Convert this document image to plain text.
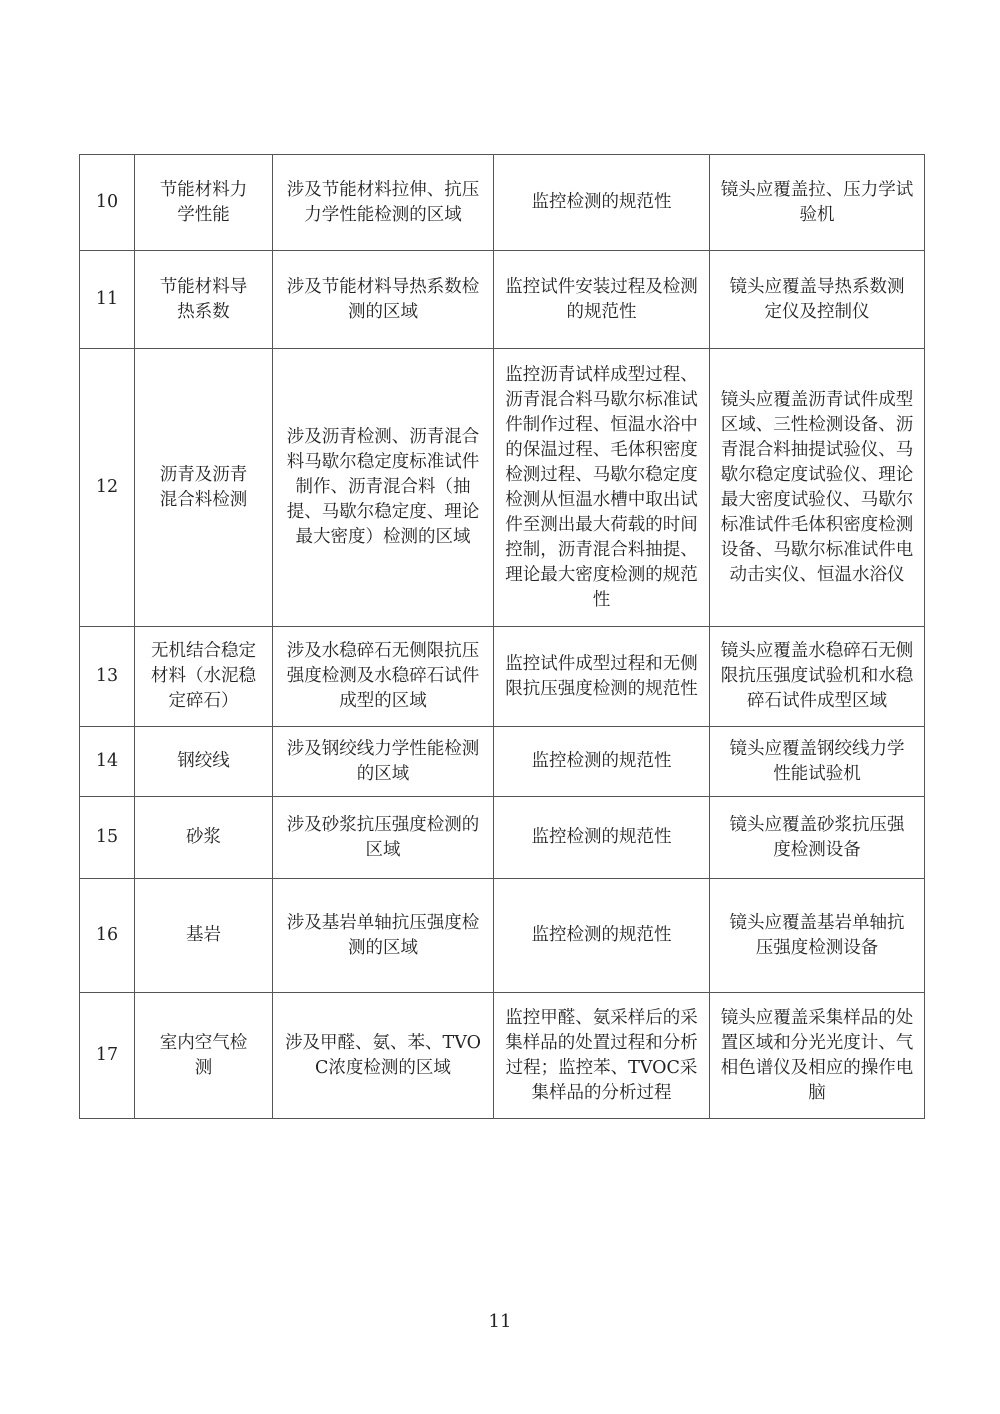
10	节能材料力学性能	涉及节能材料拉伸、抗压力学性能检测的区域	监控检测的规范性	镜头应覆盖拉、压力学试验机
11	节能材料导热系数	涉及节能材料导热系数检测的区域	监控试件安装过程及检测的规范性	镜头应覆盖导热系数测定仪及控制仪
12	沥青及沥青混合料检测	涉及沥青检测、沥青混合料马歇尔稳定度标准试件制作、沥青混合料（抽提、马歇尔稳定度、理论最大密度）检测的区域	监控沥青试样成型过程、沥青混合料马歇尔标准试件制作过程、恒温水浴中的保温过程、毛体积密度检测过程、马歇尔稳定度检测从恒温水槽中取出试件至测出最大荷载的时间控制，沥青混合料抽提、理论最大密度检测的规范性	镜头应覆盖沥青试件成型区域、三性检测设备、沥青混合料抽提试验仪、马歇尔稳定度试验仪、理论最大密度试验仪、马歇尔标准试件毛体积密度检测设备、马歇尔标准试件电动击实仪、恒温水浴仪
13	无机结合稳定材料（水泥稳定碎石）	涉及水稳碎石无侧限抗压强度检测及水稳碎石试件成型的区域	监控试件成型过程和无侧限抗压强度检测的规范性	镜头应覆盖水稳碎石无侧限抗压强度试验机和水稳碎石试件成型区域
14	钢绞线	涉及钢绞线力学性能检测的区域	监控检测的规范性	镜头应覆盖钢绞线力学性能试验机
15	砂浆	涉及砂浆抗压强度检测的区域	监控检测的规范性	镜头应覆盖砂浆抗压强度检测设备
16	基岩	涉及基岩单轴抗压强度检测的区域	监控检测的规范性	镜头应覆盖基岩单轴抗压强度检测设备
17	室内空气检测	涉及甲醛、氨、苯、TVOC浓度检测的区域	监控甲醛、氨采样后的采集样品的处置过程和分析过程；监控苯、TVOC采集样品的分析过程	镜头应覆盖采集样品的处置区域和分光光度计、气相色谱仪及相应的操作电脑
11
